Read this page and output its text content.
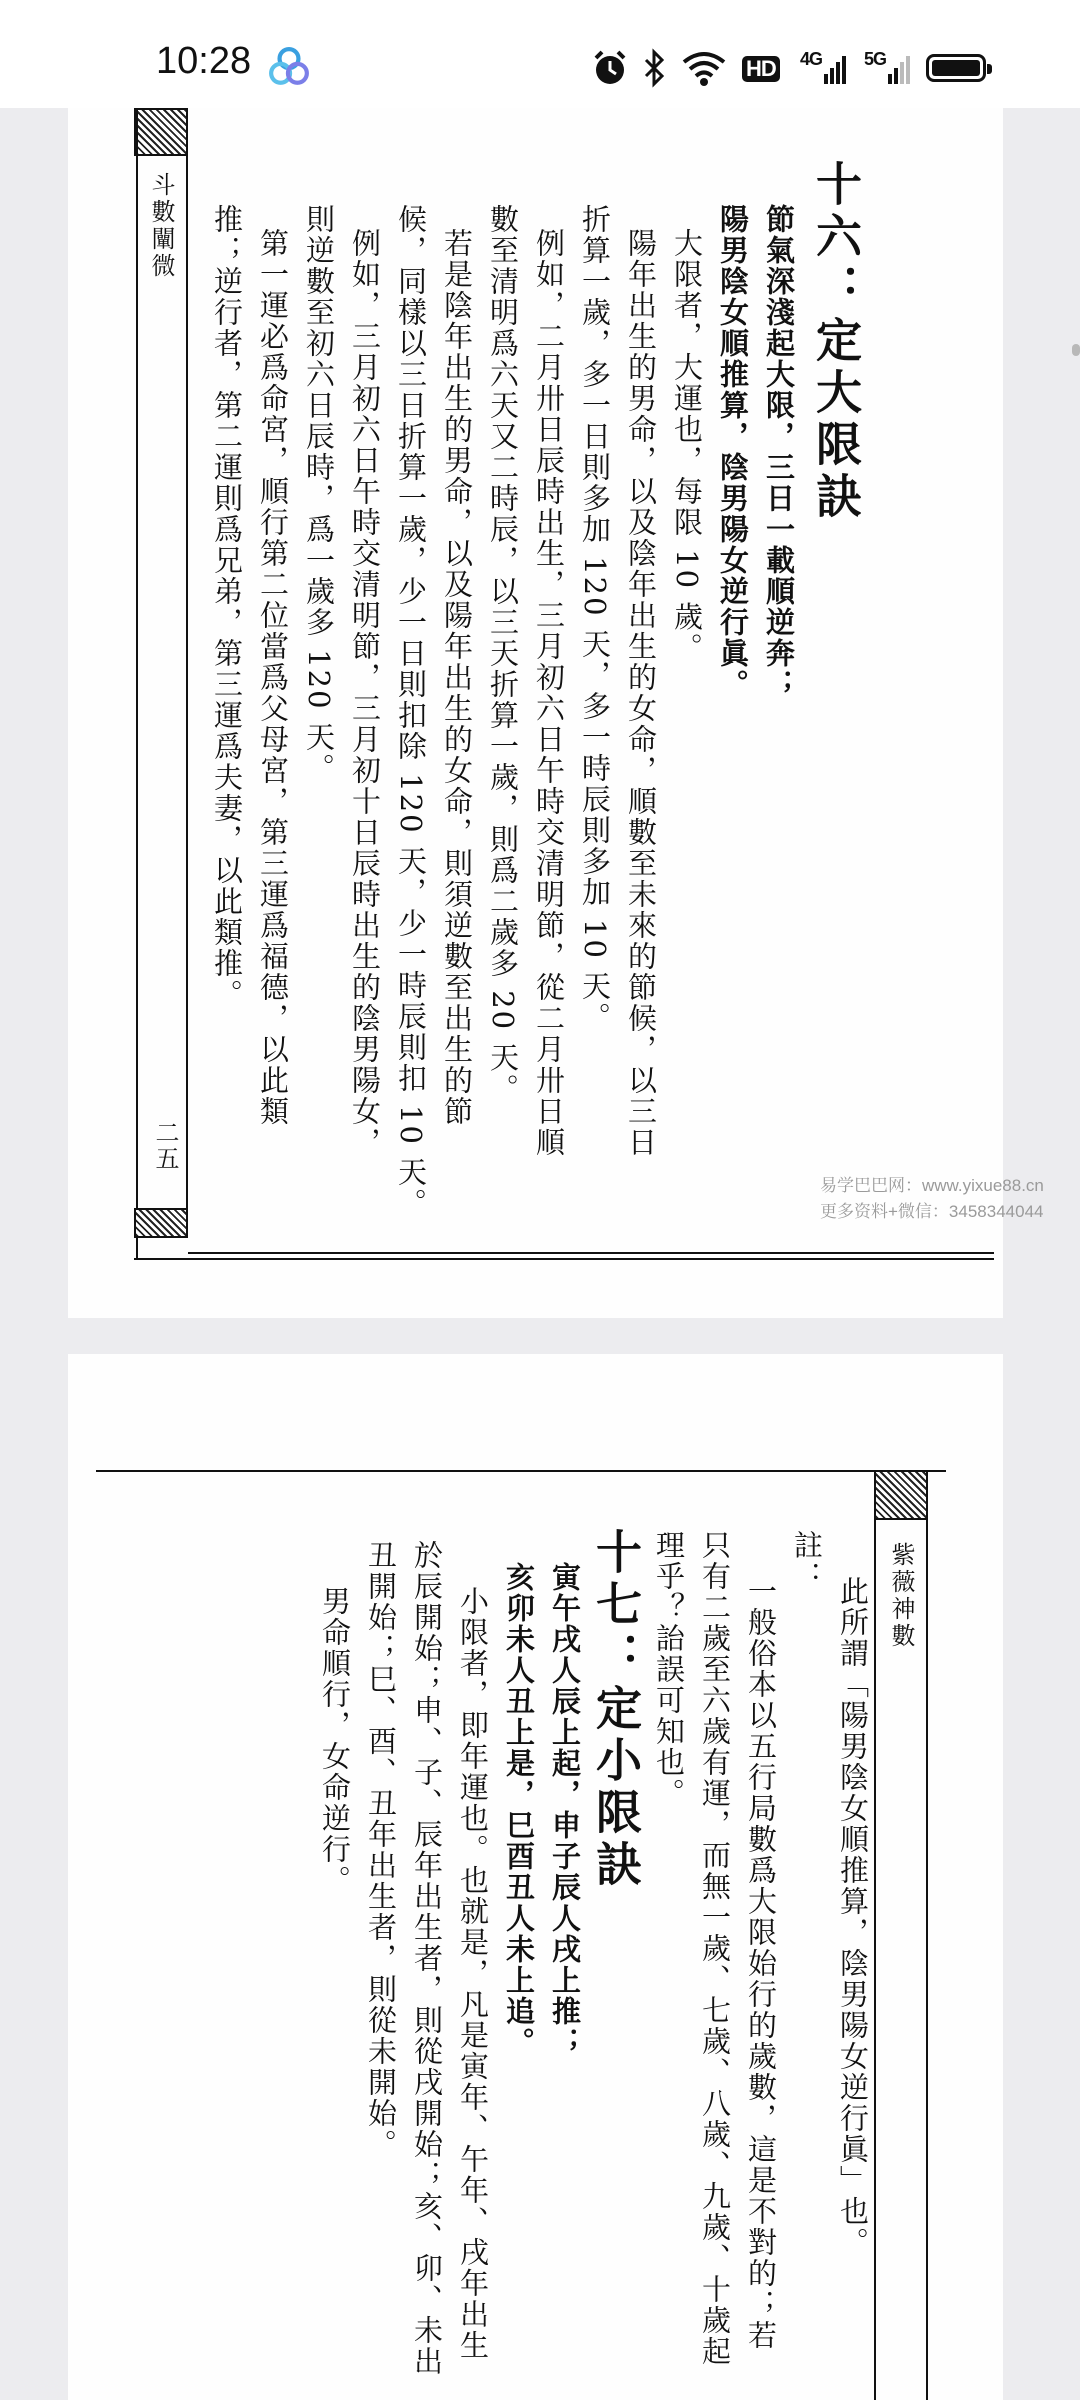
10:28	HD 4G 5G
斗數闡微
二五
十六：定大限訣
節氣深淺起大限，三日一載順逆奔；
陽男陰女順推算，陰男陽女逆行眞。
大限者，大運也，每限 10 歲。
陽年出生的男命，以及陰年出生的女命，順數至未來的節候，以三日
折算一歲，多一日則多加 120 天，多一時辰則多加 10 天。
例如，二月卅日辰時出生，三月初六日午時交清明節，從二月卅日順
數至清明爲六天又二時辰，以三天折算一歲，則爲二歲多 20 天。
若是陰年出生的男命，以及陽年出生的女命，則須逆數至出生的節
候，同樣以三日折算一歲，少一日則扣除 120 天，少一時辰則扣 10 天。
例如，三月初六日午時交清明節，三月初十日辰時出生的陰男陽女，
則逆數至初六日辰時，爲一歲多 120 天。
第一運必爲命宮，順行第二位當爲父母宮，第三運爲福德，以此類
推；逆行者，第二運則爲兄弟，第三運爲夫妻，以此類推。
易学巴巴网：www.yixue88.cn
更多资料+微信：3458344044
紫薇神數
此所謂「陽男陰女順推算，陰男陽女逆行眞」也。
註：
一般俗本以五行局數爲大限始行的歲數，這是不對的；若
只有二歲至六歲有運，而無一歲、七歲、八歲、九歲、十歲起
理乎？詒誤可知也。
十七：定小限訣
寅午戌人辰上起，申子辰人戌上推；
亥卯未人丑上是，巳酉丑人未上追。
小限者，即年運也。也就是，凡是寅年、午年、戌年出生
於辰開始；申、子、辰年出生者，則從戌開始；亥、卯、未出
丑開始；巳、酉、丑年出生者，則從未開始。
男命順行，女命逆行。
